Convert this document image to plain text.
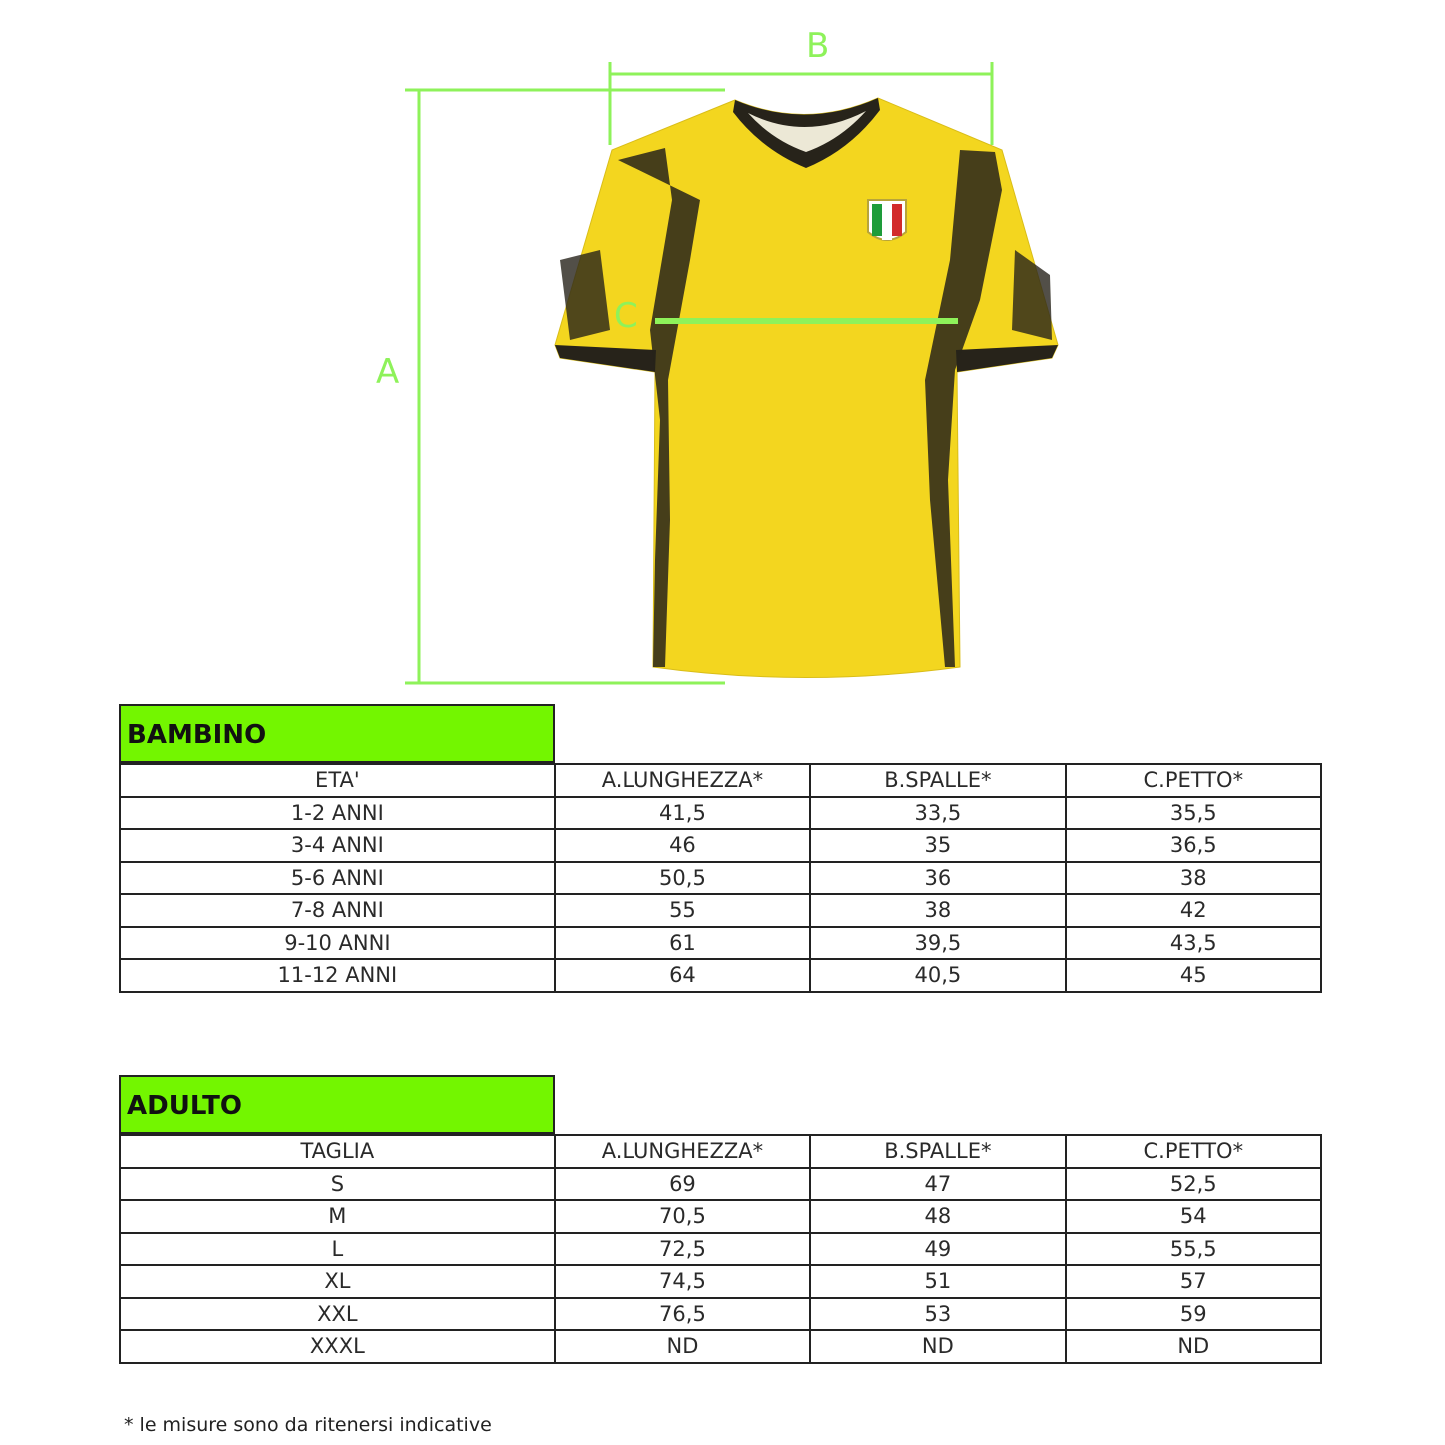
B
A
C
BAMBINO
ETA'	A.LUNGHEZZA*	B.SPALLE*	C.PETTO*
1-2 ANNI	41,5	33,5	35,5
3-4 ANNI	46	35	36,5
5-6 ANNI	50,5	36	38
7-8 ANNI	55	38	42
9-10 ANNI	61	39,5	43,5
11-12 ANNI	64	40,5	45
ADULTO
TAGLIA	A.LUNGHEZZA*	B.SPALLE*	C.PETTO*
S	69	47	52,5
M	70,5	48	54
L	72,5	49	55,5
XL	74,5	51	57
XXL	76,5	53	59
XXXL	ND	ND	ND
* le misure sono da ritenersi indicative
